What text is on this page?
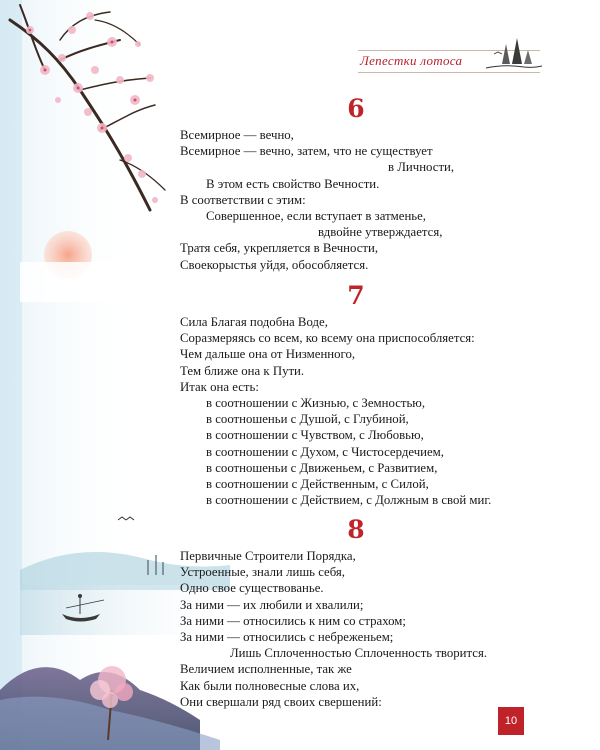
Лепестки лотоса
6
Всемирное — вечно,
Всемирное — вечно, затем, что не существует
в Личности,
В этом есть свойство Вечности.
В соответствии с этим:
Совершенное, если вступает в затменье,
вдвойне утверждается,
Тратя себя, укрепляется в Вечности,
Своекорыстья уйдя, обособляется.
7
Сила Благая подобна Воде,
Соразмеряясь со всем, ко всему она приспособляется:
Чем дальше она от Низменного,
Тем ближе она к Пути.
Итак она есть:
в соотношении с Жизнью, с Земностью,
в соотношеньи с Душой, с Глубиной,
в соотношении с Чувством, с Любовью,
в соотношении с Духом, с Чистосердечием,
в соотношеньи с Движеньем, с Развитием,
в соотношении с Действенным, с Силой,
в соотношении с Действием, с Должным в свой миг.
8
Первичные Строители Порядка,
Устроенные, знали лишь себя,
Одно свое существованье.
За ними — их любили и хвалили;
За ними — относились к ним со страхом;
За ними — относились с небреженьем;
Лишь Сплоченностью Сплоченность творится.
Величием исполненные, так же
Как были полновесные слова их,
Они свершали ряд своих свершений:
10
